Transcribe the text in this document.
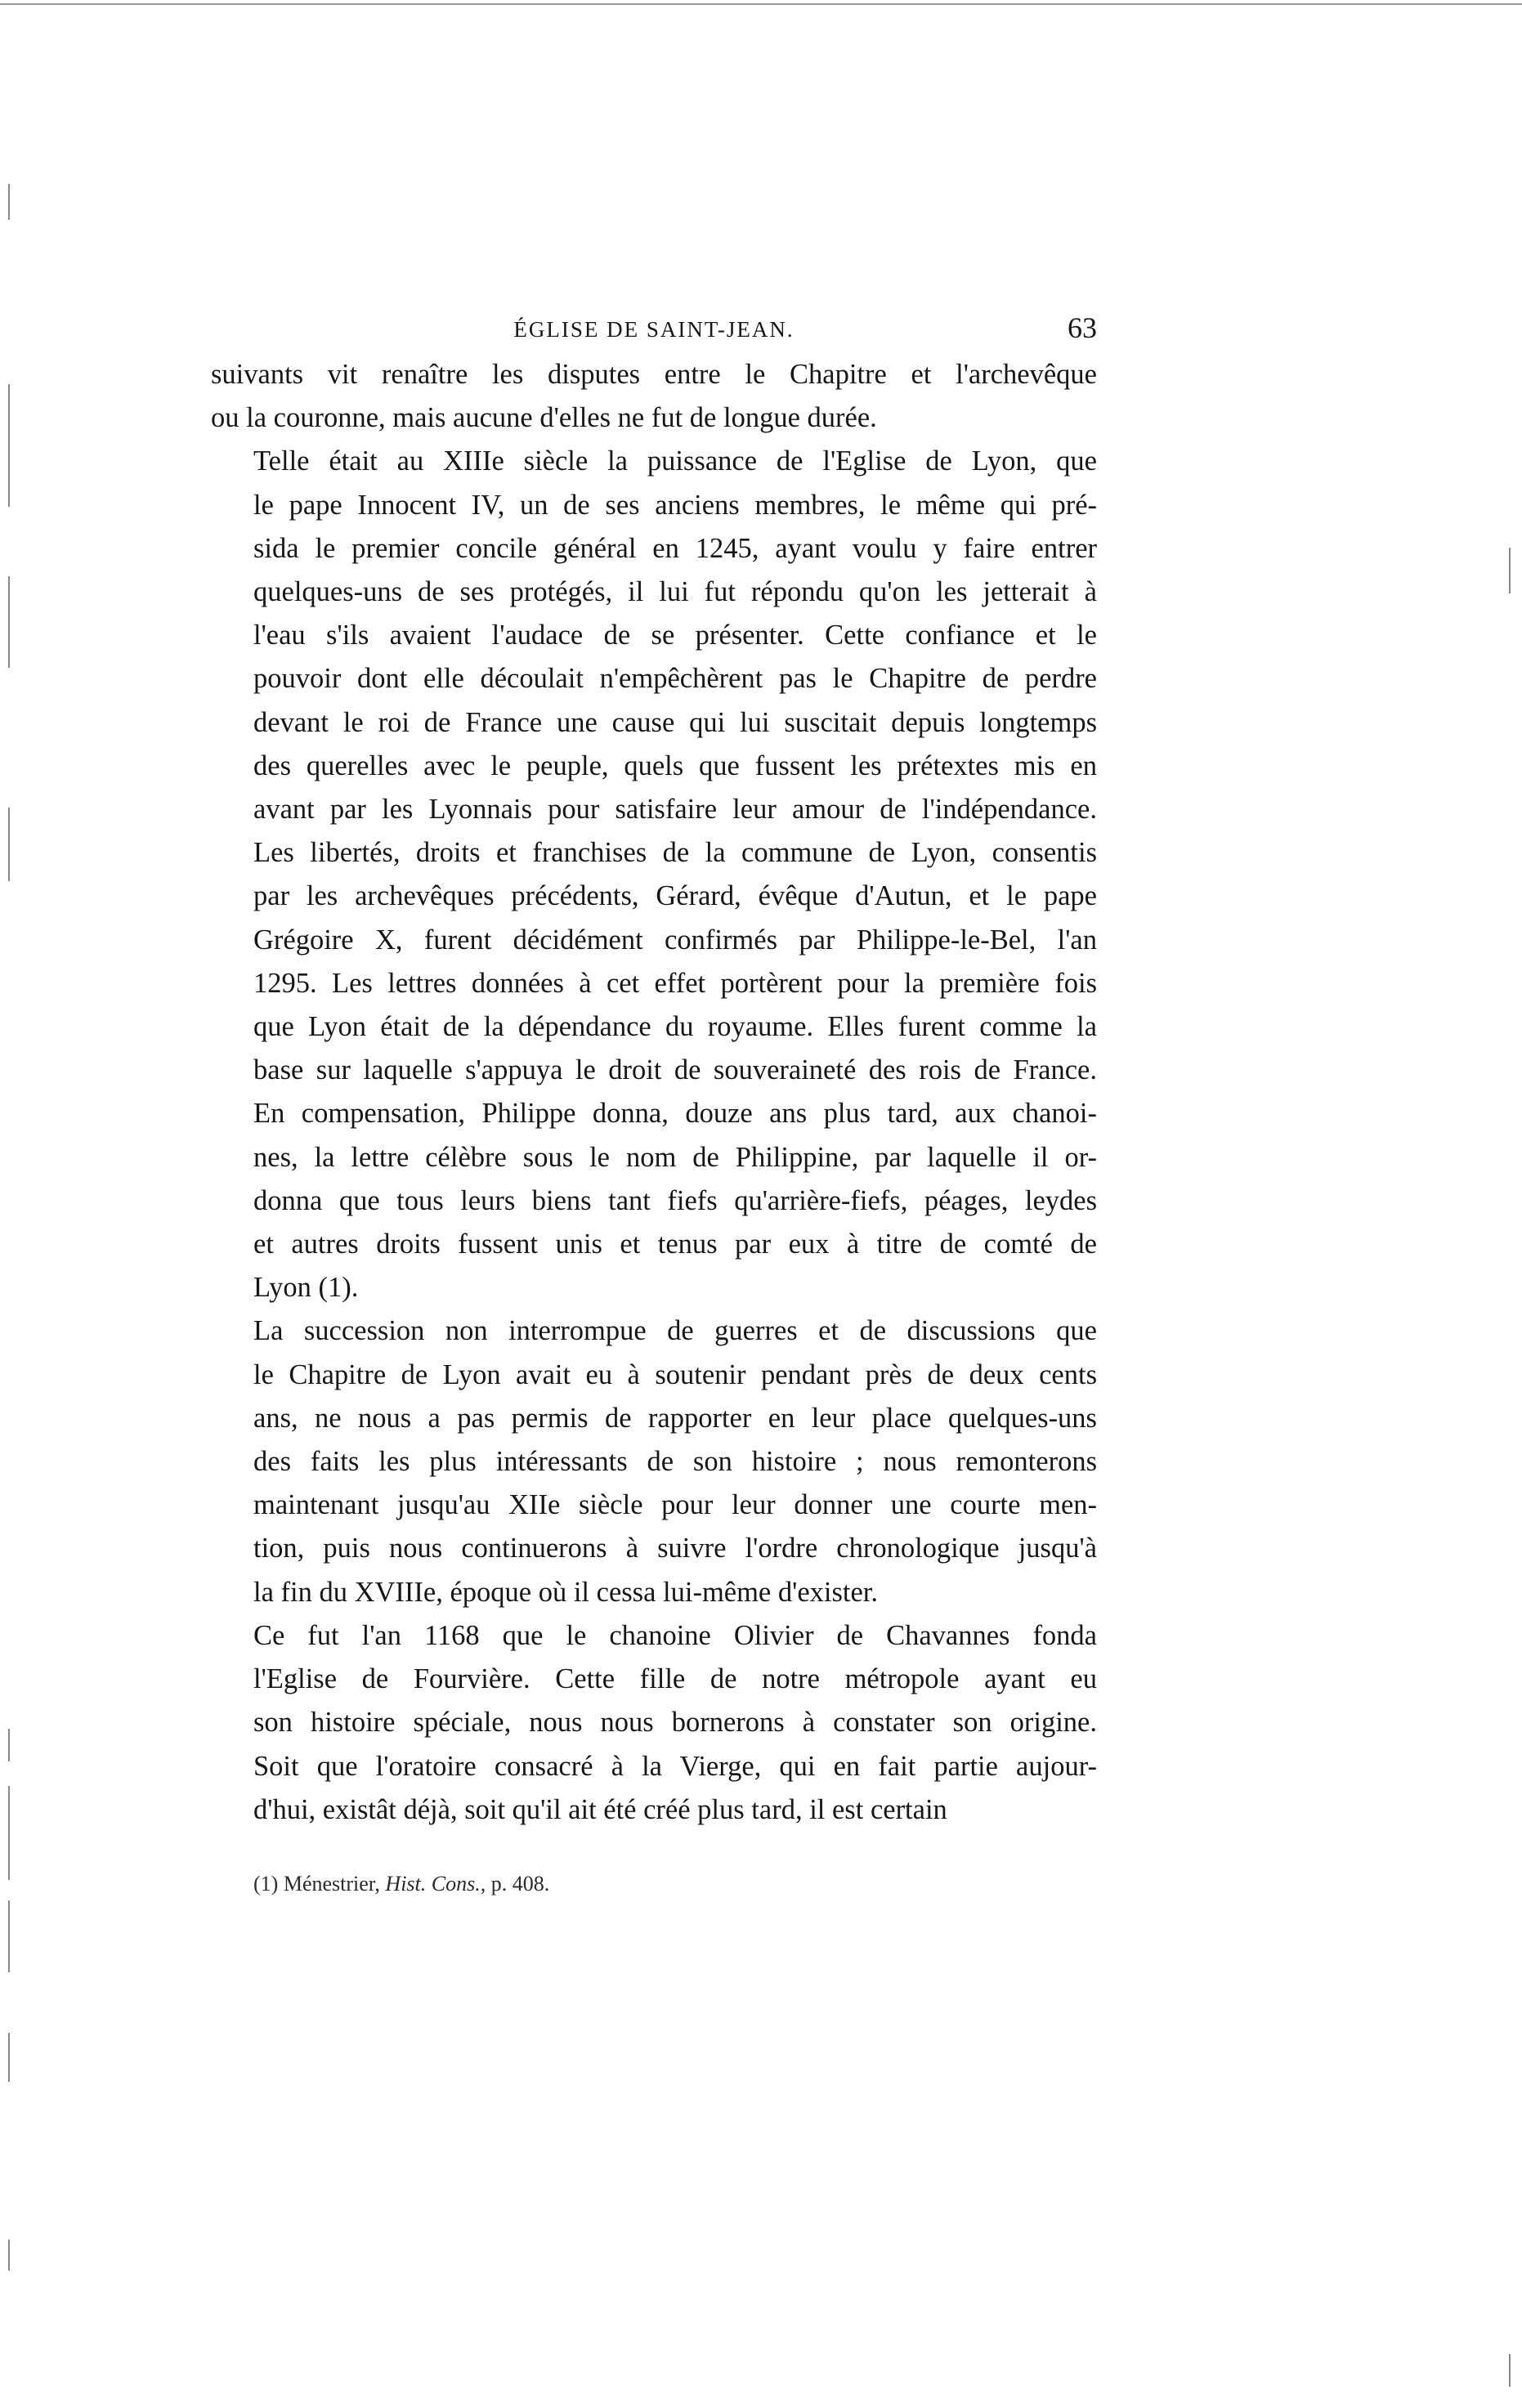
ÉGLISE DE SAINT-JEAN.	63

suivants vit renaître les disputes entre le Chapitre et l'archevêque
ou la couronne, mais aucune d'elles ne fut de longue durée.

Telle était au XIIIe siècle la puissance de l'Eglise de Lyon, que
le pape Innocent IV, un de ses anciens membres, le même qui pré-
sida le premier concile général en 1245, ayant voulu y faire entrer
quelques-uns de ses protégés, il lui fut répondu qu'on les jetterait à
l'eau s'ils avaient l'audace de se présenter. Cette confiance et le
pouvoir dont elle découlait n'empêchèrent pas le Chapitre de perdre
devant le roi de France une cause qui lui suscitait depuis longtemps
des querelles avec le peuple, quels que fussent les prétextes mis en
avant par les Lyonnais pour satisfaire leur amour de l'indépendance.
Les libertés, droits et franchises de la commune de Lyon, consentis
par les archevêques précédents, Gérard, évêque d'Autun, et le pape
Grégoire X, furent décidément confirmés par Philippe-le-Bel, l'an
1295. Les lettres données à cet effet portèrent pour la première fois
que Lyon était de la dépendance du royaume. Elles furent comme la
base sur laquelle s'appuya le droit de souveraineté des rois de France.
En compensation, Philippe donna, douze ans plus tard, aux chanoi-
nes, la lettre célèbre sous le nom de Philippine, par laquelle il or-
donna que tous leurs biens tant fiefs qu'arrière-fiefs, péages, leydes
et autres droits fussent unis et tenus par eux à titre de comté de
Lyon (1).

La succession non interrompue de guerres et de discussions que
le Chapitre de Lyon avait eu à soutenir pendant près de deux cents
ans, ne nous a pas permis de rapporter en leur place quelques-uns
des faits les plus intéressants de son histoire ; nous remonterons
maintenant jusqu'au XIIe siècle pour leur donner une courte men-
tion, puis nous continuerons à suivre l'ordre chronologique jusqu'à
la fin du XVIIIe, époque où il cessa lui-même d'exister.

Ce fut l'an 1168 que le chanoine Olivier de Chavannes fonda
l'Eglise de Fourvière. Cette fille de notre métropole ayant eu
son histoire spéciale, nous nous bornerons à constater son origine.
Soit que l'oratoire consacré à la Vierge, qui en fait partie aujour-
d'hui, existât déjà, soit qu'il ait été créé plus tard, il est certain

(1) Ménestrier, Hist. Cons., p. 408.
